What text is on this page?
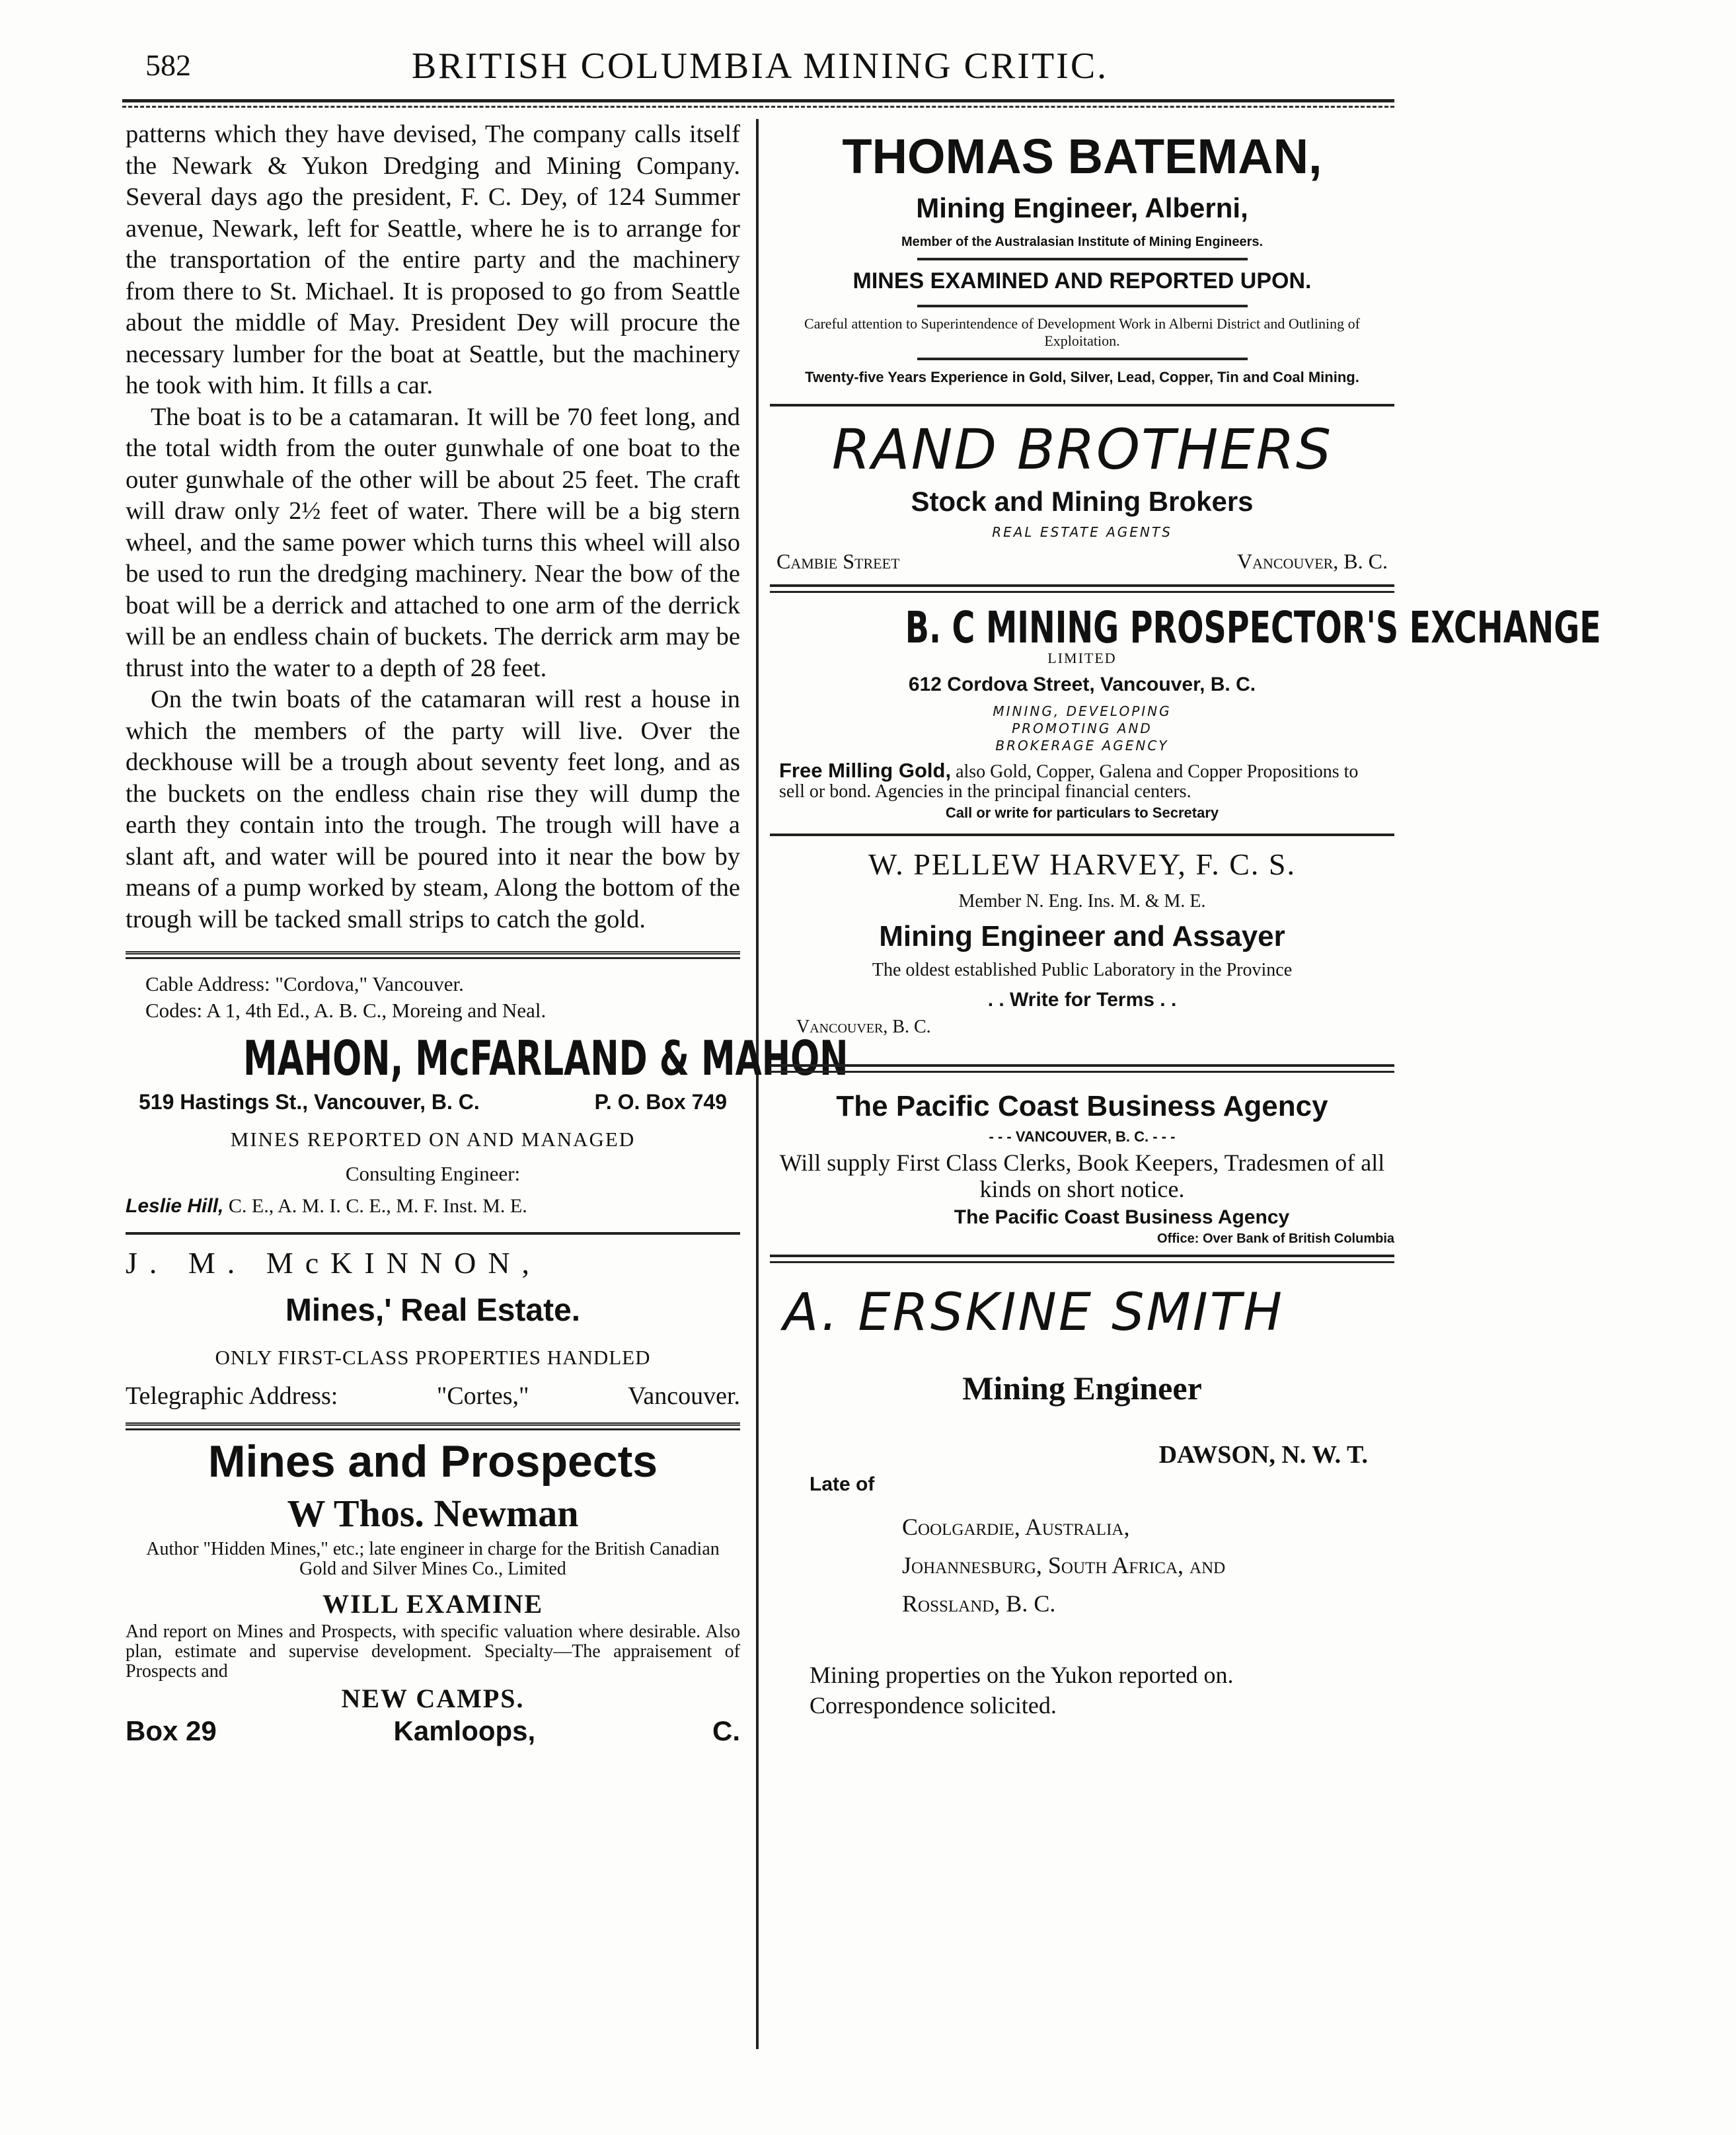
582	BRITISH COLUMBIA MINING CRITIC.

patterns which they have devised, The company calls itself the Newark & Yukon Dredging and Mining Company. Several days ago the president, F. C. Dey, of 124 Summer avenue, Newark, left for Seattle, where he is to arrange for the transportation of the entire party and the machinery from there to St. Michael. It is proposed to go from Seattle about the middle of May. President Dey will procure the necessary lumber for the boat at Seattle, but the machinery he took with him. It fills a car.

The boat is to be a catamaran. It will be 70 feet long, and the total width from the outer gunwhale of one boat to the outer gunwhale of the other will be about 25 feet. The craft will draw only 2½ feet of water. There will be a big stern wheel, and the same power which turns this wheel will also be used to run the dredging machinery. Near the bow of the boat will be a derrick and attached to one arm of the derrick will be an endless chain of buckets. The derrick arm may be thrust into the water to a depth of 28 feet.

On the twin boats of the catamaran will rest a house in which the members of the party will live. Over the deckhouse will be a trough about seventy feet long, and as the buckets on the endless chain rise they will dump the earth they contain into the trough. The trough will have a slant aft, and water will be poured into it near the bow by means of a pump worked by steam, Along the bottom of the trough will be tacked small strips to catch the gold.

Cable Address: "Cordova," Vancouver.
Codes: A 1, 4th Ed., A. B. C., Moreing and Neal.
MAHON, McFARLAND & MAHON
519 Hastings St., Vancouver, B. C.	P. O. Box 749
MINES REPORTED ON AND MANAGED
Consulting Engineer:
Leslie Hill, C. E., A. M. I. C. E., M. F. Inst. M. E.
J. M. McKINNON,
Mines,' Real Estate.
ONLY FIRST-CLASS PROPERTIES HANDLED
Telegraphic Address:	"Cortes,"	Vancouver.
Mines and Prospects
W Thos. Newman
Author "Hidden Mines," etc.; late engineer in charge for the British Canadian Gold and Silver Mines Co., Limited
WILL EXAMINE
And report on Mines and Prospects, with specific valuation where desirable. Also plan, estimate and supervise development. Specialty—The appraisement of Prospects and
NEW CAMPS.
Box 29	Kamloops,	C.
THOMAS BATEMAN,
Mining Engineer, Alberni,
Member of the Australasian Institute of Mining Engineers.
MINES EXAMINED AND REPORTED UPON.
Careful attention to Superintendence of Development Work in Alberni District and Outlining of Exploitation.
Twenty-five Years Experience in Gold, Silver, Lead, Copper, Tin and Coal Mining.
RAND BROTHERS
Stock and Mining Brokers
REAL ESTATE AGENTS
Cambie Street	Vancouver, B. C.
B. C MINING PROSPECTOR'S EXCHANGE
LIMITED
612 Cordova Street, Vancouver, B. C.
MINING, DEVELOPING
PROMOTING AND
BROKERAGE AGENCY
Free Milling Gold, also Gold, Copper, Galena and Copper Propositions to sell or bond. Agencies in the principal financial centers.
Call or write for particulars to Secretary
W. PELLEW HARVEY, F. C. S.
Member N. Eng. Ins. M. & M. E.
Mining Engineer and Assayer
The oldest established Public Laboratory in the Province
. . Write for Terms . .
Vancouver, B. C.
The Pacific Coast Business Agency
- - - VANCOUVER, B. C. - - -
Will supply First Class Clerks, Book Keepers, Tradesmen of all kinds on short notice.
The Pacific Coast Business Agency
Office: Over Bank of British Columbia
A. ERSKINE SMITH
Mining Engineer
DAWSON, N. W. T.
Late of
Coolgardie, Australia,
Johannesburg, South Africa, and
Rossland, B. C.
Mining properties on the Yukon reported on.
Correspondence solicited.
